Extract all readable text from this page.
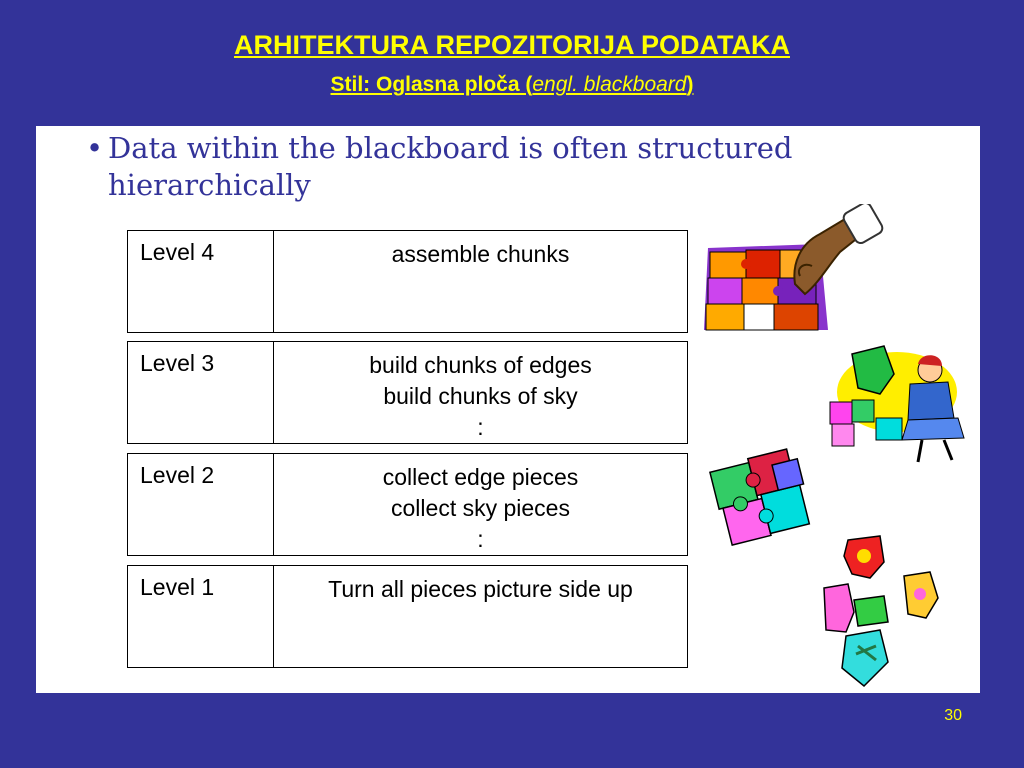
ARHITEKTURA REPOZITORIJA PODATAKA
Stil: Oglasna ploča (engl. blackboard)
• Data within the blackboard is often structured hierarchically
Level 4	assemble chunks
Level 3	build chunks of edges
build chunks of sky
:
Level 2	collect edge pieces
collect sky pieces
:
Level 1	Turn all pieces picture side up
30
